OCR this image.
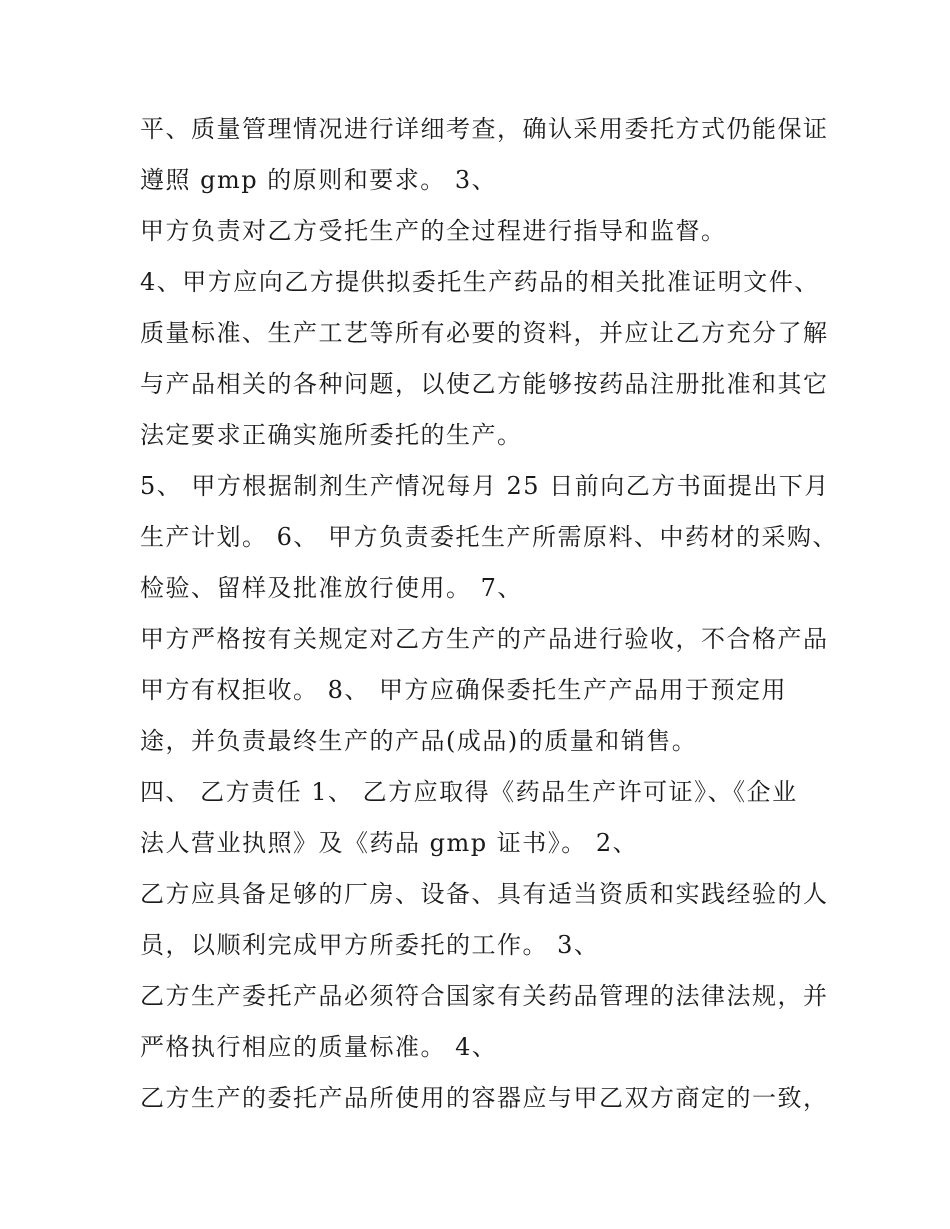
平、质量管理情况进行详细考查，确认采用委托方式仍能保证
遵照 gmp 的原则和要求。 3、
甲方负责对乙方受托生产的全过程进行指导和监督。
4、甲方应向乙方提供拟委托生产药品的相关批准证明文件、
质量标准、生产工艺等所有必要的资料，并应让乙方充分了解
与产品相关的各种问题，以使乙方能够按药品注册批准和其它
法定要求正确实施所委托的生产。
5、 甲方根据制剂生产情况每月 25 日前向乙方书面提出下月
生产计划。 6、 甲方负责委托生产所需原料、中药材的采购、
检验、留样及批准放行使用。 7、
甲方严格按有关规定对乙方生产的产品进行验收，不合格产品
甲方有权拒收。 8、 甲方应确保委托生产产品用于预定用
途，并负责最终生产的产品(成品)的质量和销售。
四、 乙方责任 1、 乙方应取得《药品生产许可证》、《企业
法人营业执照》及《药品 gmp 证书》。 2、
乙方应具备足够的厂房、设备、具有适当资质和实践经验的人
员，以顺利完成甲方所委托的工作。 3、
乙方生产委托产品必须符合国家有关药品管理的法律法规，并
严格执行相应的质量标准。 4、
乙方生产的委托产品所使用的容器应与甲乙双方商定的一致，
